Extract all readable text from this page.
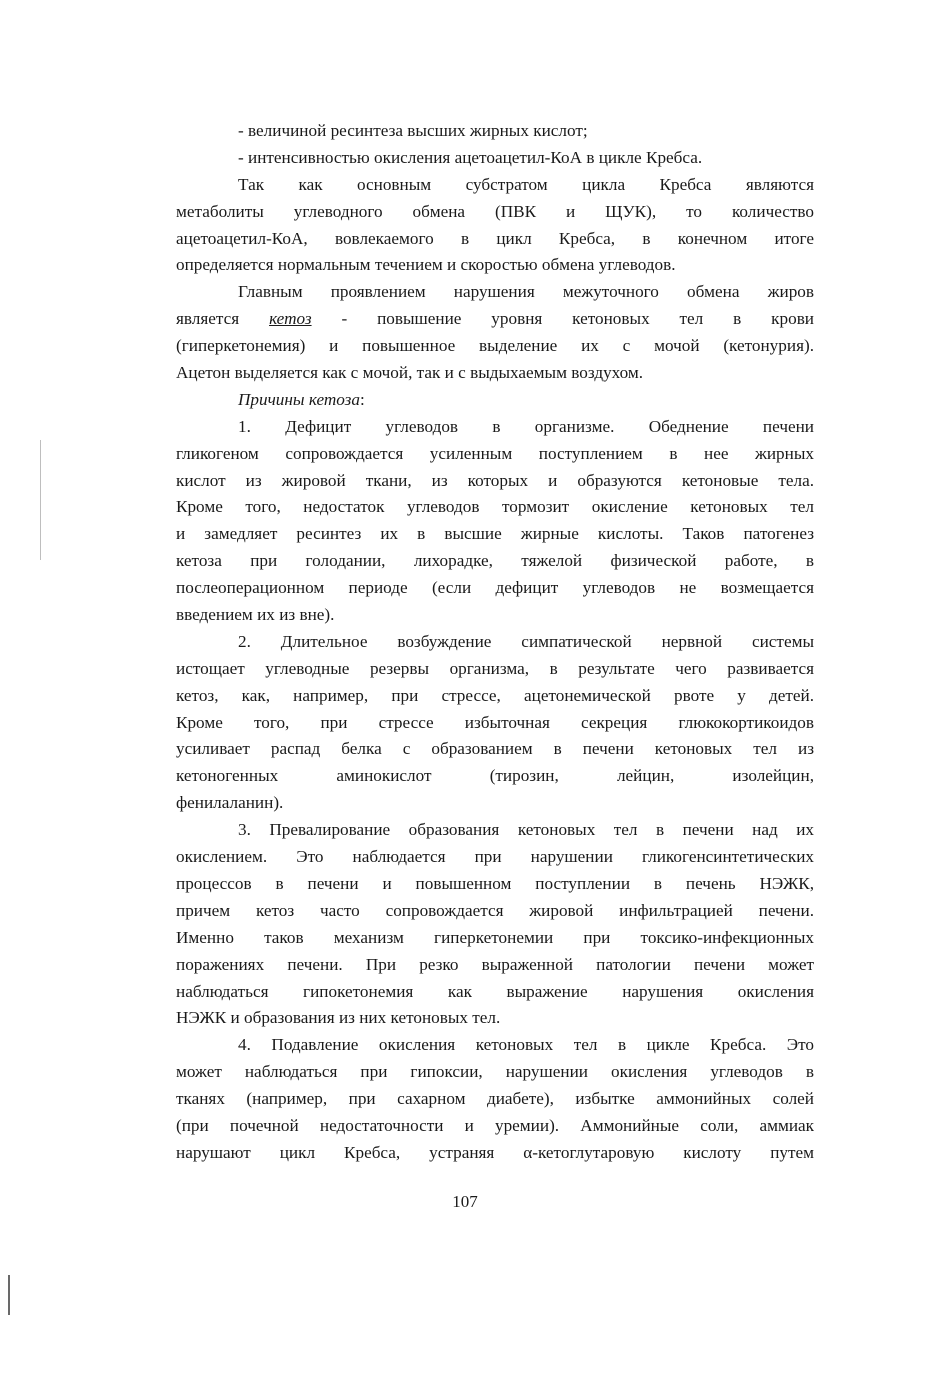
- величиной ресинтеза высших жирных кислот;
- интенсивностью окисления ацетоацетил-КоА в цикле Кребса.
Так как основным субстратом цикла Кребса являются
метаболиты углеводного обмена (ПВК и ЩУК), то количество
ацетоацетил-КоА, вовлекаемого в цикл Кребса, в конечном итоге
определяется нормальным течением и скоростью обмена углеводов.
Главным проявлением нарушения межуточного обмена жиров
является кетоз - повышение уровня кетоновых тел в крови
(гиперкетонемия) и повышенное выделение их с мочой (кетонурия).
Ацетон выделяется как с мочой, так и с выдыхаемым воздухом.
Причины кетоза:
1. Дефицит углеводов в организме. Обеднение печени
гликогеном сопровождается усиленным поступлением в нее жирных
кислот из жировой ткани, из которых и образуются кетоновые тела.
Кроме того, недостаток углеводов тормозит окисление кетоновых тел
и замедляет ресинтез их в высшие жирные кислоты. Таков патогенез
кетоза при голодании, лихорадке, тяжелой физической работе, в
послеоперационном периоде (если дефицит углеводов не возмещается
введением их из вне).
2. Длительное возбуждение симпатической нервной системы
истощает углеводные резервы организма, в результате чего развивается
кетоз, как, например, при стрессе, ацетонемической рвоте у детей.
Кроме того, при стрессе избыточная секреция глюкокортикоидов
усиливает распад белка с образованием в печени кетоновых тел из
кетоногенных аминокислот (тирозин, лейцин, изолейцин,
фенилаланин).
3. Превалирование образования кетоновых тел в печени над их
окислением. Это наблюдается при нарушении гликогенсинтетических
процессов в печени и повышенном поступлении в печень НЭЖК,
причем кетоз часто сопровождается жировой инфильтрацией печени.
Именно таков механизм гиперкетонемии при токсико-инфекционных
поражениях печени. При резко выраженной патологии печени может
наблюдаться гипокетонемия как выражение нарушения окисления
НЭЖК и образования из них кетоновых тел.
4. Подавление окисления кетоновых тел в цикле Кребса. Это
может наблюдаться при гипоксии, нарушении окисления углеводов в
тканях (например, при сахарном диабете), избытке аммонийных солей
(при почечной недостаточности и уремии). Аммонийные соли, аммиак
нарушают цикл Кребса, устраняя α-кетоглутаровую кислоту путем
107
